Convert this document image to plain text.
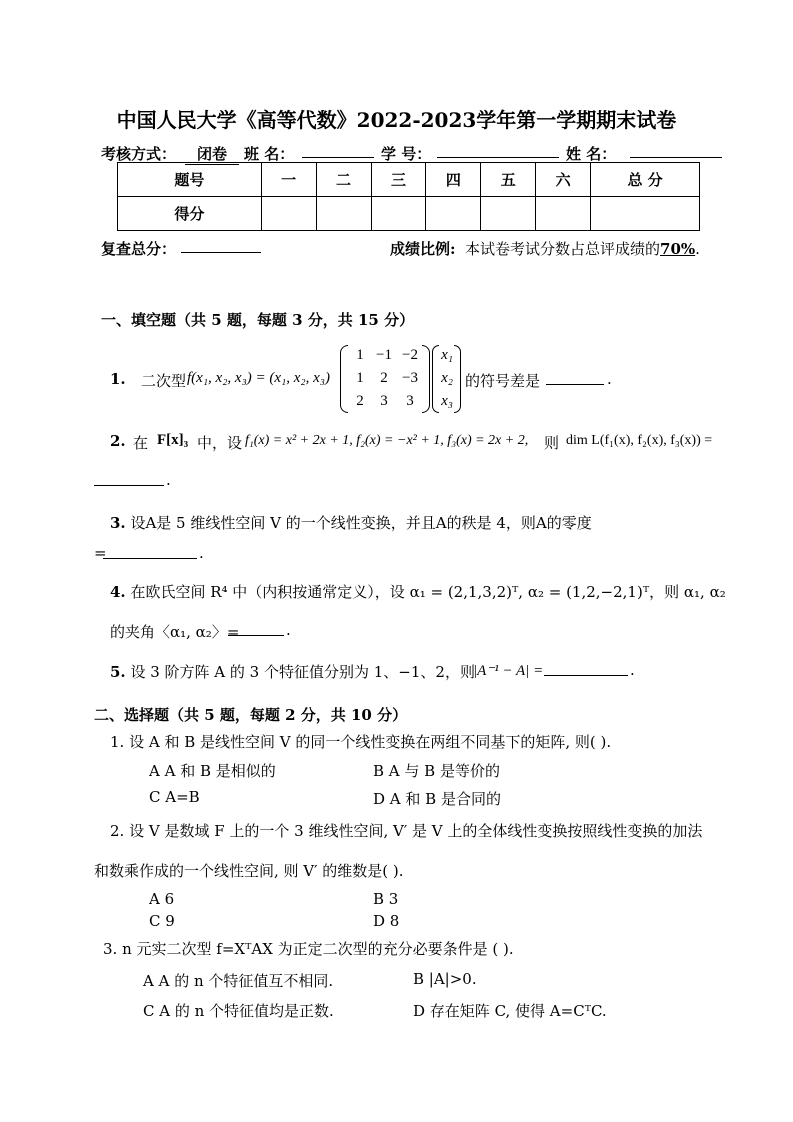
中国人民大学《高等代数》2022-2023学年第一学期期末试卷
考核方式：	闭卷	班 名：	学 号：	姓 名：
题号	一	二	三	四	五	六	总 分
得分							
复查总分：	成绩比例: 本试卷考试分数占总评成绩的70%.
一、填空题（共 5 题，每题 3 分，共 15 分）
1. 二次型 f(x₁, x₂, x₃) = (x₁, x₂, x₃)
1 −1 −2
1	2 −3
2	3	3
x₁
x₂
x₃
的符号差是	.
2. 在 F[x]₃ 中，设 f₁(x) = x² + 2x + 1, f₂(x) = −x² + 1, f₃(x) = 2x + 2, 则 dim L(f₁(x), f₂(x), f₃(x)) =
.
3. 设A是 5 维线性空间 V 的一个线性变换，并且A的秩是 4，则A的零度
=	.
4. 在欧氏空间 R⁴ 中（内积按通常定义），设 α₁ = (2,1,3,2)ᵀ, α₂ = (1,2,−2,1)ᵀ，则 α₁, α₂
的夹角〈α₁, α₂〉=	.
5. 设 3 阶方阵 A 的 3 个特征值分别为 1、−1、2，则
|A⁻¹ − A| =	.
二、选择题（共 5 题，每题 2 分，共 10 分）
1. 设 A 和 B 是线性空间 V 的同一个线性变换在两组不同基下的矩阵, 则( ).
A A 和 B 是相似的	B A 与 B 是等价的
C A=B	D A 和 B 是合同的
2. 设 V 是数域 F 上的一个 3 维线性空间, V′ 是 V 上的全体线性变换按照线性变换的加法
和数乘作成的一个线性空间, 则 V′ 的维数是( ).
A 6	B 3
C 9	D 8
3. n 元实二次型 f=XᵀAX 为正定二次型的充分必要条件是 ( ).
A A 的 n 个特征值互不相同.	B |A|>0.
C A 的 n 个特征值均是正数.	D 存在矩阵 C, 使得 A=CᵀC.
